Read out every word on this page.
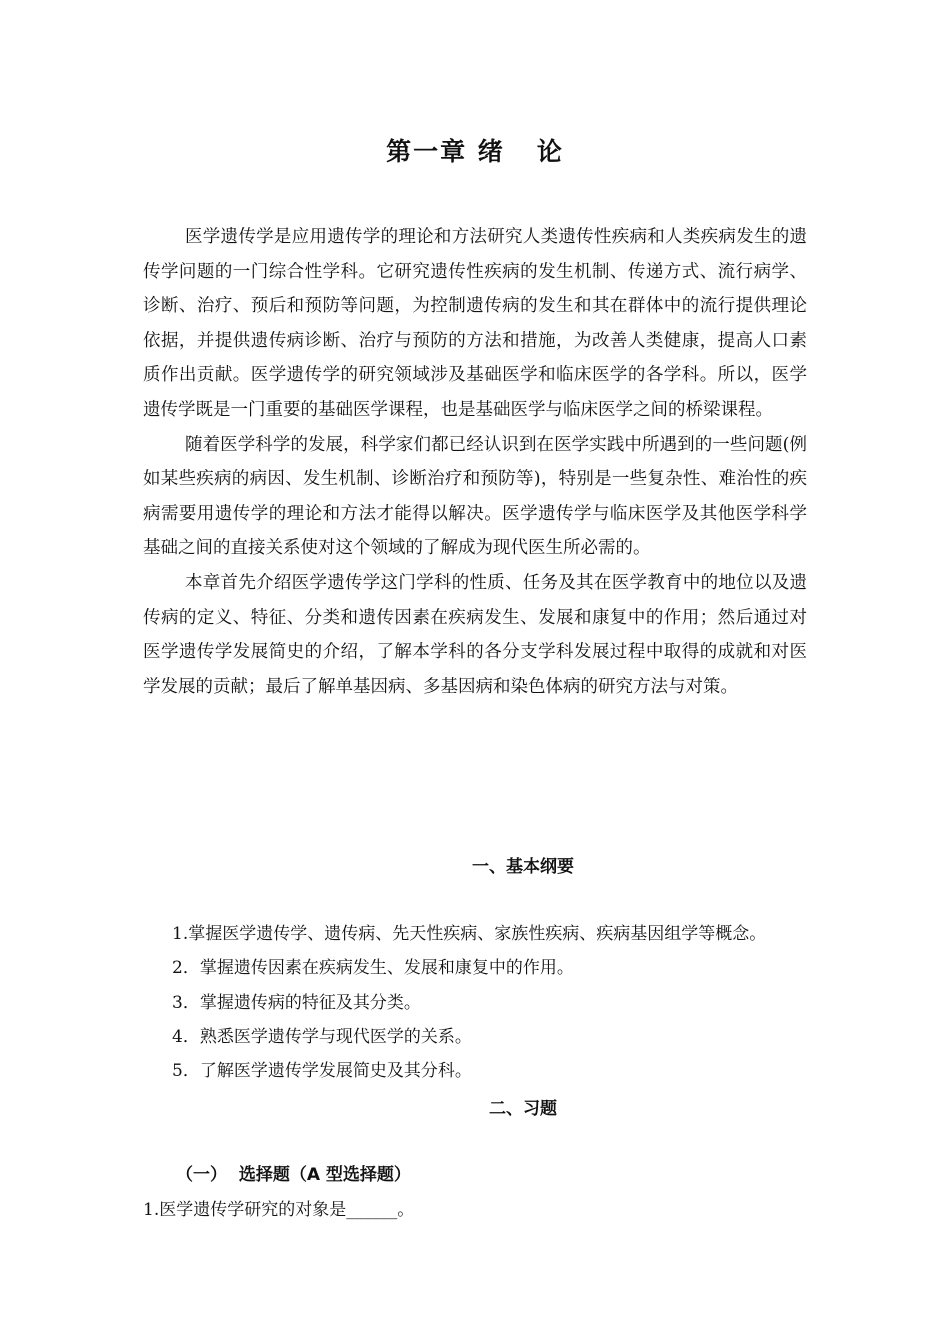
第一章 绪   论

医学遗传学是应用遗传学的理论和方法研究人类遗传性疾病和人类疾病发生的遗传学问题的一门综合性学科。它研究遗传性疾病的发生机制、传递方式、流行病学、诊断、治疗、预后和预防等问题，为控制遗传病的发生和其在群体中的流行提供理论依据，并提供遗传病诊断、治疗与预防的方法和措施，为改善人类健康，提高人口素质作出贡献。医学遗传学的研究领域涉及基础医学和临床医学的各学科。所以，医学遗传学既是一门重要的基础医学课程，也是基础医学与临床医学之间的桥梁课程。

随着医学科学的发展，科学家们都已经认识到在医学实践中所遇到的一些问题(例如某些疾病的病因、发生机制、诊断治疗和预防等)，特别是一些复杂性、难治性的疾病需要用遗传学的理论和方法才能得以解决。医学遗传学与临床医学及其他医学科学基础之间的直接关系使对这个领域的了解成为现代医生所必需的。

本章首先介绍医学遗传学这门学科的性质、任务及其在医学教育中的地位以及遗传病的定义、特征、分类和遗传因素在疾病发生、发展和康复中的作用；然后通过对医学遗传学发展简史的介绍，了解本学科的各分支学科发展过程中取得的成就和对医学发展的贡献；最后了解单基因病、多基因病和染色体病的研究方法与对策。

一、基本纲要
1.掌握医学遗传学、遗传病、先天性疾病、家族性疾病、疾病基因组学等概念。
2．掌握遗传因素在疾病发生、发展和康复中的作用。
3．掌握遗传病的特征及其分类。
4．熟悉医学遗传学与现代医学的关系。
5．了解医学遗传学发展简史及其分科。
二、习题
（一）  选择题（A 型选择题）
1.医学遗传学研究的对象是______。
